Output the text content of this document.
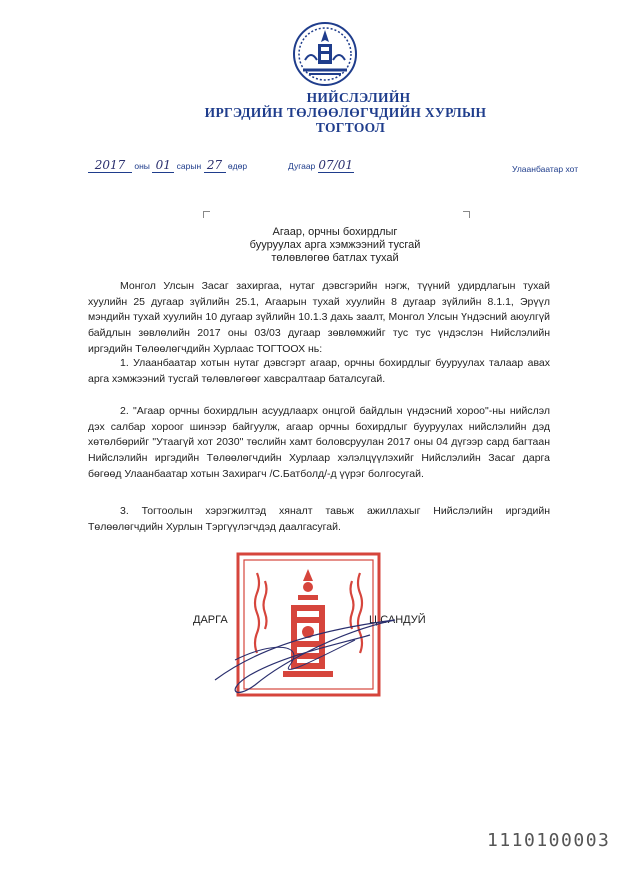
НИЙСЛЭЛИЙН
ИРГЭДИЙН ТӨЛӨӨЛӨГЧДИЙН ХУРЛЫН
ТОГТООЛ
2017 оны 01 сарын 27 өдөр	Дугаар 07/01	Улаанбаатар хот
Агаар, орчны бохирдлыг
бууруулах арга хэмжээний тусгай
төлөвлөгөө батлах тухай

Монгол Улсын Засаг захиргаа, нутаг дэвсгэрийн нэгж, түүний удирдлагын тухай хуулийн 25 дугаар зүйлийн 25.1, Агаарын тухай хуулийн 8 дугаар зүйлийн 8.1.1, Эрүүл мэндийн тухай хуулийн 10 дугаар зүйлийн 10.1.3 дахь заалт, Монгол Улсын Үндэсний аюулгүй байдлын зөвлөлийн 2017 оны 03/03 дугаар зөвлөмжийг тус тус үндэслэн Нийслэлийн иргэдийн Төлөөлөгчдийн Хурлаас ТОГТООХ нь:

1. Улаанбаатар хотын нутаг дэвсгэрт агаар, орчны бохирдлыг бууруулах талаар авах арга хэмжээний тусгай төлөвлөгөөг хавсралтаар баталсугай.

2. "Агаар орчны бохирдлын асуудлаарх онцгой байдлын үндэсний хороо"-ны нийслэл дэх салбар хороог шинээр байгуулж, агаар орчны бохирдлыг бууруулах нийслэлийн дэд хөтөлбөрийг "Утаагүй хот 2030" төслийн хамт боловсруулан 2017 оны 04 дүгээр сард багтаан Нийслэлийн иргэдийн Төлөөлөгчдийн Хурлаар хэлэлцүүлэхийг Нийслэлийн Засаг дарга бөгөөд Улаанбаатар хотын Захирагч /С.Батболд/-д үүрэг болгосугай.

3. Тогтоолын хэрэгжилтэд хяналт тавьж ажиллахыг Нийслэлийн иргэдийн Төлөөлөгчдийн Хурлын Тэргүүлэгчдэд даалгасугай.

ДАРГА	Ц.САНДУЙ
1110100003
